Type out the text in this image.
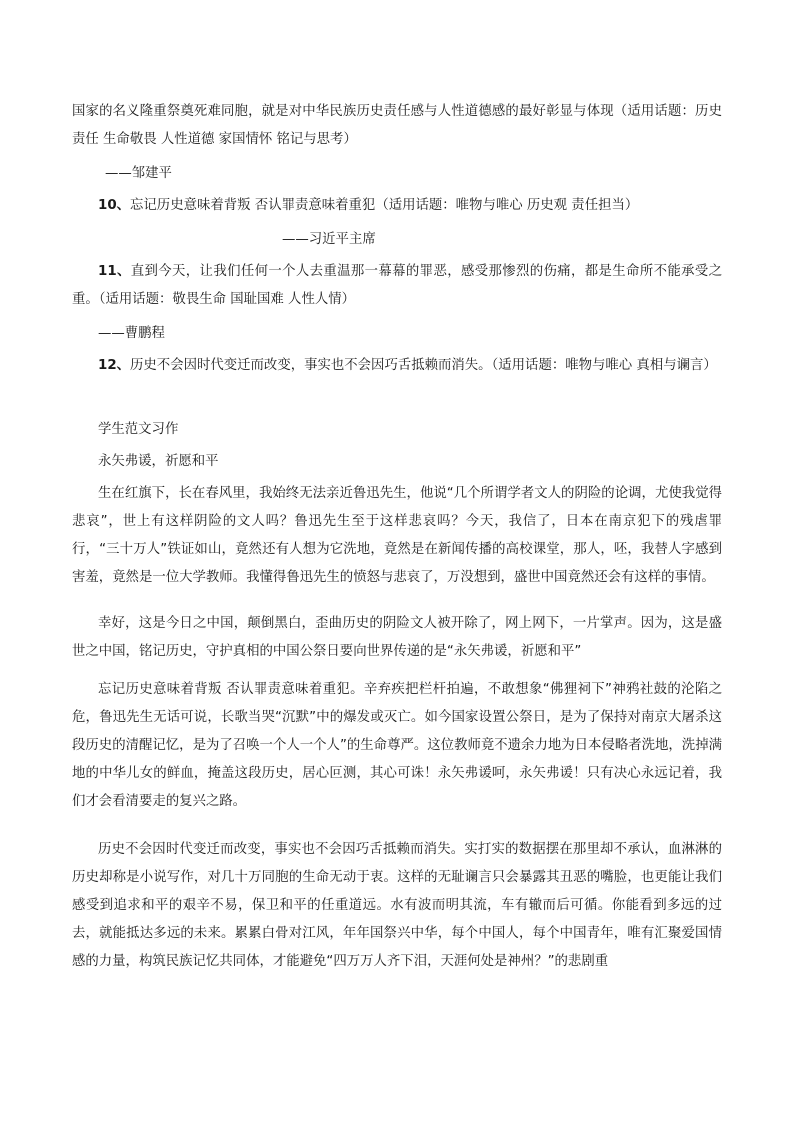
国家的名义隆重祭奠死难同胞，就是对中华民族历史责任感与人性道德感的最好彰显与体现（适用话题：历史责任 生命敬畏 人性道德 家国情怀 铭记与思考）

——邹建平

10、忘记历史意味着背叛 否认罪责意味着重犯（适用话题：唯物与唯心 历史观 责任担当）

——习近平主席

11、直到今天，让我们任何一个人去重温那一幕幕的罪恶，感受那惨烈的伤痛，都是生命所不能承受之重。（适用话题：敬畏生命 国耻国难 人性人情）

——曹鹏程

12、历史不会因时代变迁而改变，事实也不会因巧舌抵赖而消失。（适用话题：唯物与唯心 真相与谰言）

学生范文习作

永矢弗谖，祈愿和平

生在红旗下，长在春风里，我始终无法亲近鲁迅先生，他说“几个所谓学者文人的阴险的论调，尤使我觉得悲哀”，世上有这样阴险的文人吗？鲁迅先生至于这样悲哀吗？今天，我信了，日本在南京犯下的残虐罪行，“三十万人”铁证如山，竟然还有人想为它洗地，竟然是在新闻传播的高校课堂，那人，呸，我替人字感到害羞，竟然是一位大学教师。我懂得鲁迅先生的愤怒与悲哀了，万没想到，盛世中国竟然还会有这样的事情。

幸好，这是今日之中国，颠倒黑白，歪曲历史的阴险文人被开除了，网上网下，一片掌声。因为，这是盛世之中国，铭记历史，守护真相的中国公祭日要向世界传递的是“永矢弗谖，祈愿和平”

忘记历史意味着背叛 否认罪责意味着重犯。辛弃疾把栏杆拍遍，不敢想象“佛狸祠下”神鸦社鼓的沦陷之危，鲁迅先生无话可说，长歌当哭“沉默”中的爆发或灭亡。如今国家设置公祭日，是为了保持对南京大屠杀这段历史的清醒记忆，是为了召唤一个人一个人”的生命尊严。这位教师竟不遗余力地为日本侵略者洗地，洗掉满地的中华儿女的鲜血，掩盖这段历史，居心叵测，其心可诛！永矢弗谖呵，永矢弗谖！只有决心永远记着，我们才会看清要走的复兴之路。

历史不会因时代变迁而改变，事实也不会因巧舌抵赖而消失。实打实的数据摆在那里却不承认，血淋淋的历史却称是小说写作，对几十万同胞的生命无动于衷。这样的无耻谰言只会暴露其丑恶的嘴脸，也更能让我们感受到追求和平的艰辛不易，保卫和平的任重道远。水有波而明其流，车有辙而后可循。你能看到多远的过去，就能抵达多远的未来。累累白骨对江风，年年国祭兴中华，每个中国人，每个中国青年，唯有汇聚爱国情感的力量，构筑民族记忆共同体，才能避免“四万万人齐下泪，天涯何处是神州？”的悲剧重
